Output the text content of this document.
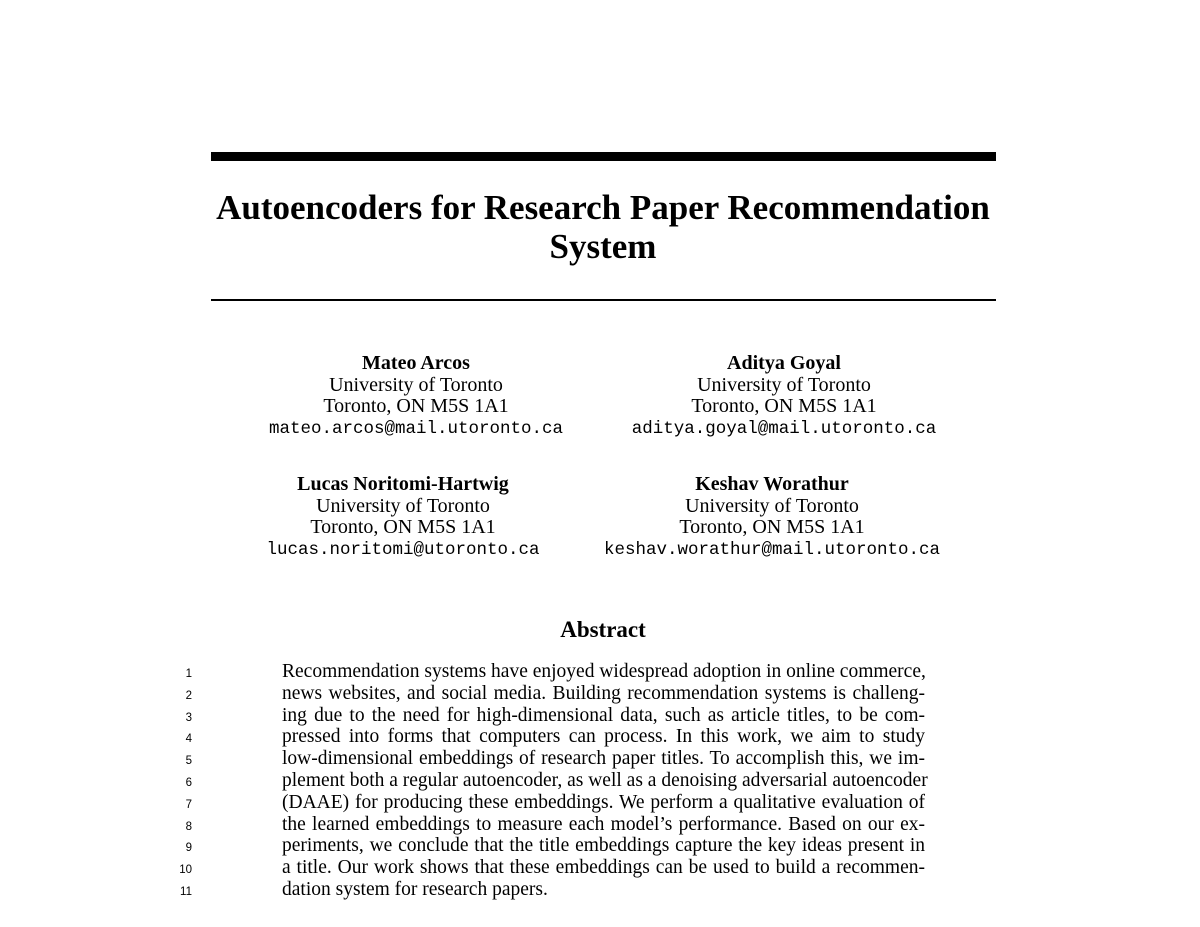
Autoencoders for Research Paper Recommendation System
Mateo Arcos
University of Toronto
Toronto, ON M5S 1A1
mateo.arcos@mail.utoronto.ca
Aditya Goyal
University of Toronto
Toronto, ON M5S 1A1
aditya.goyal@mail.utoronto.ca
Lucas Noritomi-Hartwig
University of Toronto
Toronto, ON M5S 1A1
lucas.noritomi@utoronto.ca
Keshav Worathur
University of Toronto
Toronto, ON M5S 1A1
keshav.worathur@mail.utoronto.ca
Abstract
1
2
3
4
5
6
7
8
9
10
11
Recommendation systems have enjoyed widespread adoption in online commerce,
news websites, and social media. Building recommendation systems is challeng-
ing due to the need for high-dimensional data, such as article titles, to be com-
pressed into forms that computers can process. In this work, we aim to study
low-dimensional embeddings of research paper titles. To accomplish this, we im-
plement both a regular autoencoder, as well as a denoising adversarial autoencoder
(DAAE) for producing these embeddings. We perform a qualitative evaluation of
the learned embeddings to measure each model’s performance. Based on our ex-
periments, we conclude that the title embeddings capture the key ideas present in
a title. Our work shows that these embeddings can be used to build a recommen-
dation system for research papers.
